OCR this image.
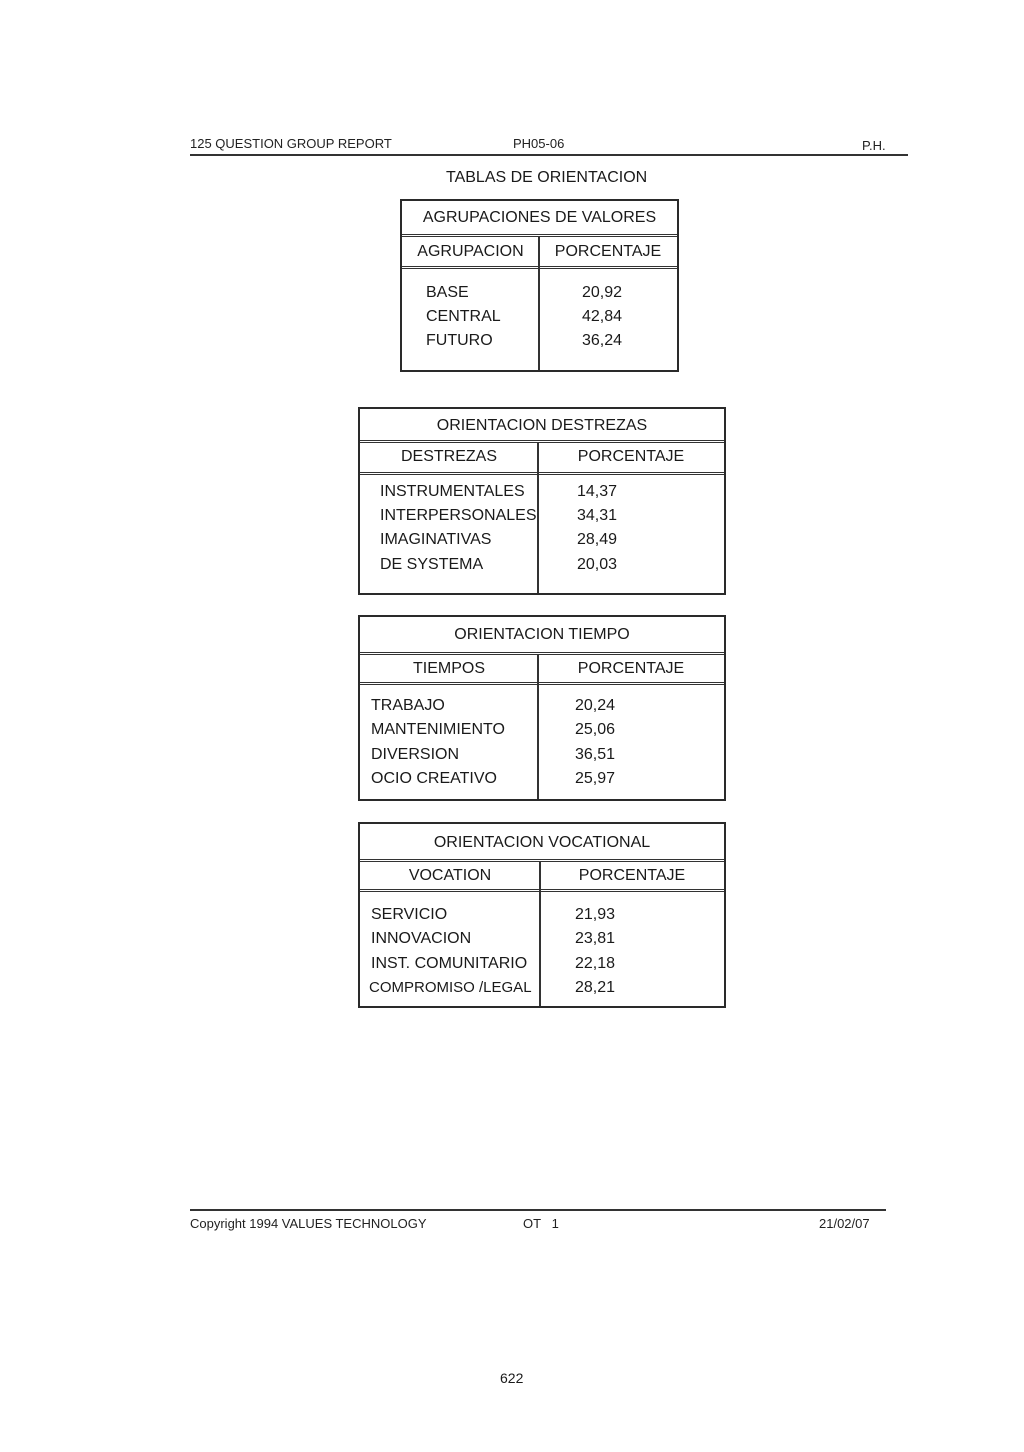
125 QUESTION GROUP REPORT	PH05-06	P.H.
TABLAS DE ORIENTACION
AGRUPACIONES DE VALORES
AGRUPACION	PORCENTAJE
BASE	20,92
CENTRAL	42,84
FUTURO	36,24
ORIENTACION DESTREZAS
DESTREZAS	PORCENTAJE
INSTRUMENTALES	14,37
INTERPERSONALES	34,31
IMAGINATIVAS	28,49
DE SYSTEMA	20,03
ORIENTACION TIEMPO
TIEMPOS	PORCENTAJE
TRABAJO	20,24
MANTENIMIENTO	25,06
DIVERSION	36,51
OCIO CREATIVO	25,97
ORIENTACION VOCATIONAL
VOCATION	PORCENTAJE
SERVICIO	21,93
INNOVACION	23,81
INST. COMUNITARIO	22,18
COMPROMISO /LEGAL	28,21
Copyright 1994 VALUES TECHNOLOGY	OT   1	21/02/07
622
